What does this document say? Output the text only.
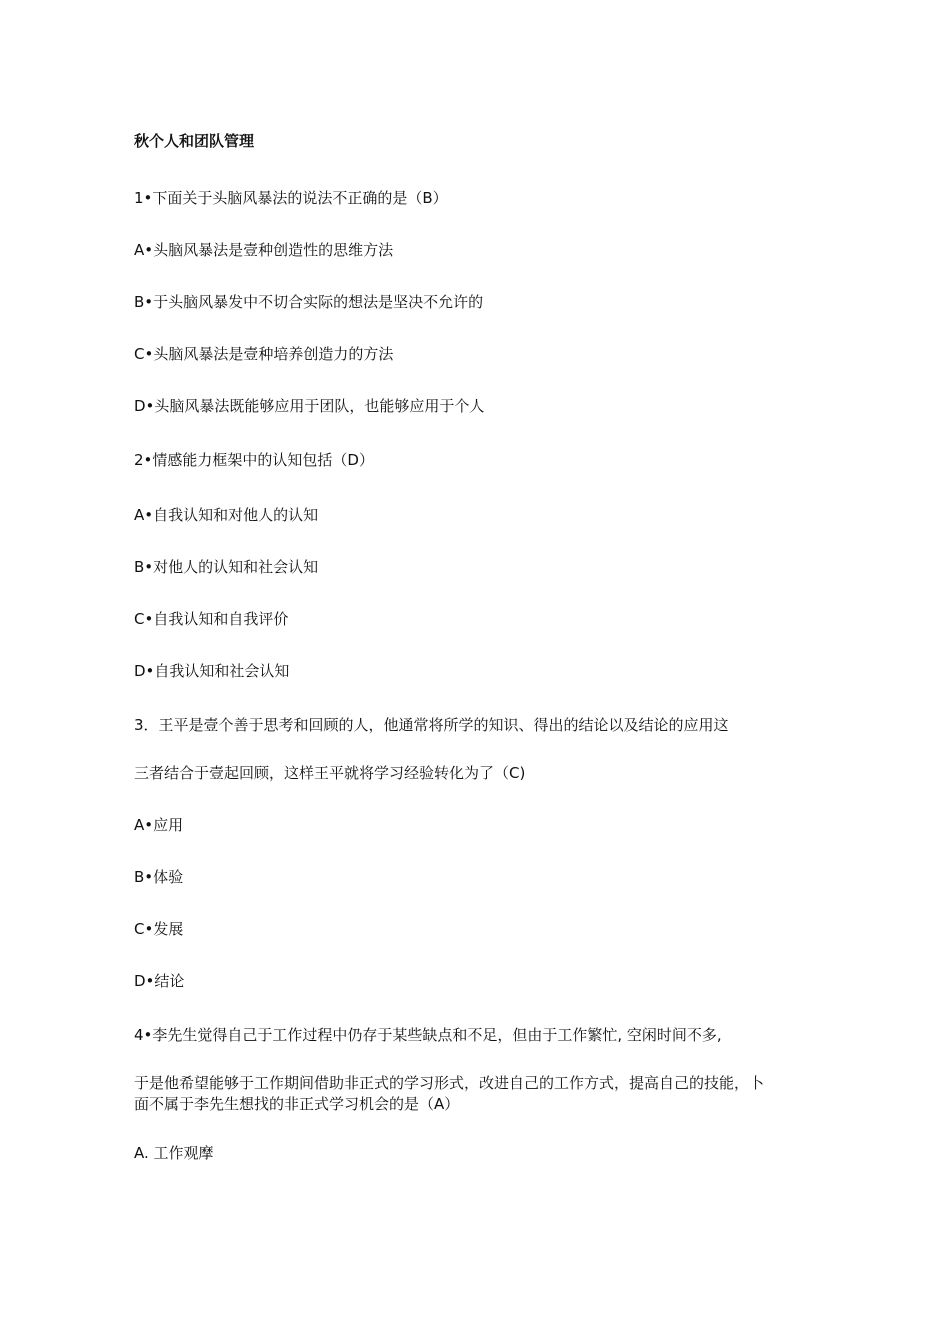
秋个人和团队管理
1•下面关于头脑风暴法的说法不正确的是（B）
A•头脑风暴法是壹种创造性的思维方法
B•于头脑风暴发中不切合实际的想法是坚决不允许的
C•头脑风暴法是壹种培养创造力的方法
D•头脑风暴法既能够应用于团队，也能够应用于个人
2•情感能力框架中的认知包括（D）
A•自我认知和对他人的认知
B•对他人的认知和社会认知
C•自我认知和自我评价
D•自我认知和社会认知
3．王平是壹个善于思考和回顾的人，他通常将所学的知识、得出的结论以及结论的应用这
三者结合于壹起回顾，这样王平就将学习经验转化为了（C)
A•应用
B•体验
C•发展
D•结论
4•李先生觉得自己于工作过程中仍存于某些缺点和不足，但由于工作繁忙, 空闲时间不多,
于是他希望能够于工作期间借助非正式的学习形式，改进自己的工作方式，提高自己的技能，卜
面不属于李先生想找的非正式学习机会的是（A）
A. 工作观摩
